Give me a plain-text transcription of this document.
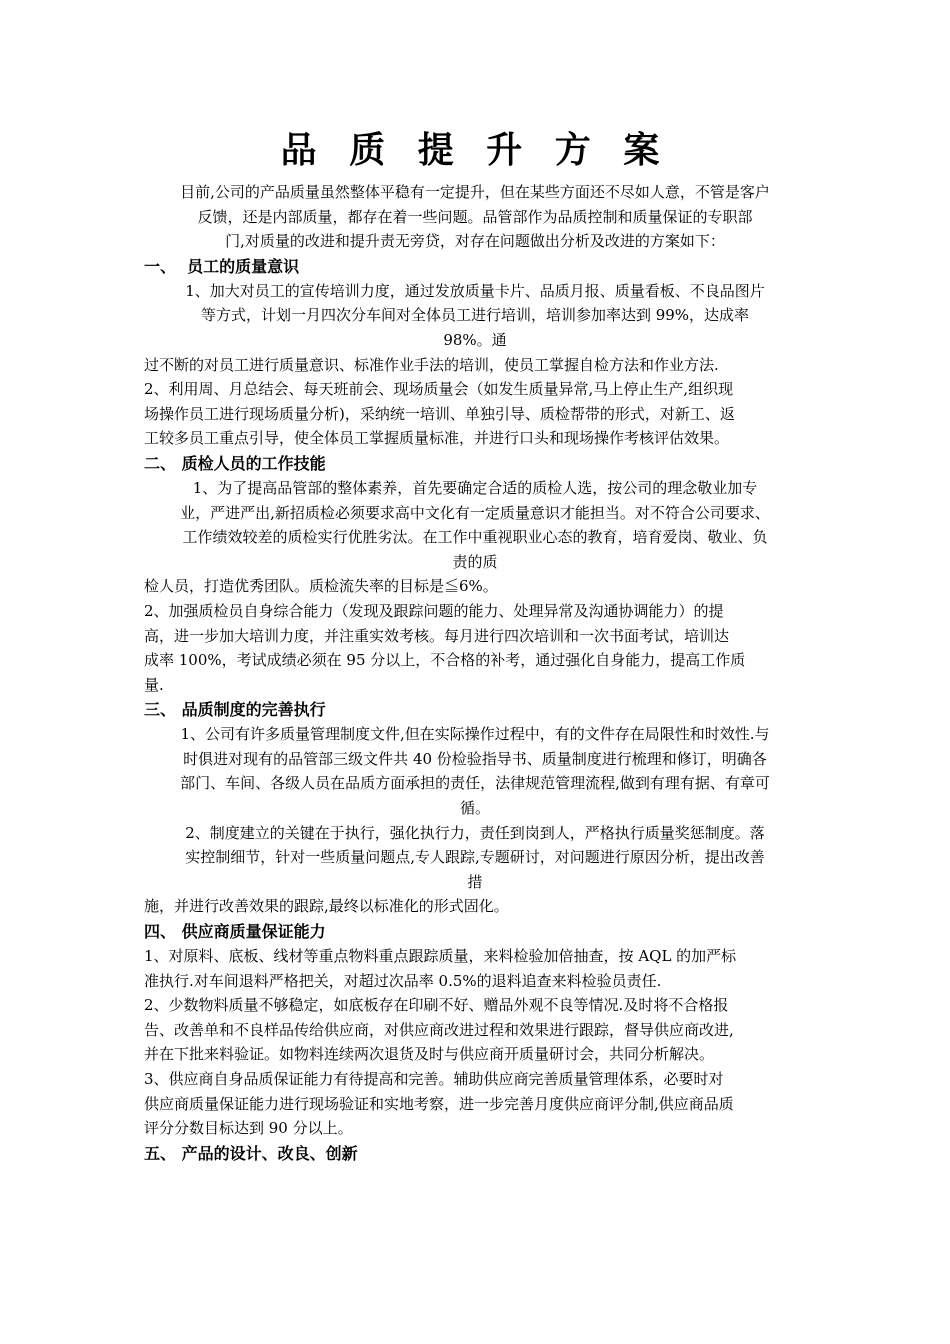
品 质 提 升 方 案

目前,公司的产品质量虽然整体平稳有一定提升，但在某些方面还不尽如人意，不管是客户

反馈，还是内部质量，都存在着一些问题。品管部作为品质控制和质量保证的专职部

门,对质量的改进和提升责无旁贷，对存在问题做出分析及改进的方案如下：

一、  员工的质量意识

1、加大对员工的宣传培训力度，通过发放质量卡片、品质月报、质量看板、不良品图片

等方式，计划一月四次分车间对全体员工进行培训，培训参加率达到 99%，达成率

98%。通

过不断的对员工进行质量意识、标准作业手法的培训，使员工掌握自检方法和作业方法.

2、利用周、月总结会、每天班前会、现场质量会（如发生质量异常,马上停止生产,组织现

场操作员工进行现场质量分析)，采纳统一培训、单独引导、质检帮带的形式，对新工、返

工较多员工重点引导，使全体员工掌握质量标准，并进行口头和现场操作考核评估效果。

二、 质检人员的工作技能

1、为了提高品管部的整体素养，首先要确定合适的质检人选，按公司的理念敬业加专

业，严进严出,新招质检必须要求高中文化有一定质量意识才能担当。对不符合公司要求、

工作绩效较差的质检实行优胜劣汰。在工作中重视职业心态的教育，培育爱岗、敬业、负

责的质

检人员，打造优秀团队。质检流失率的目标是≦6%。

2、加强质检员自身综合能力（发现及跟踪问题的能力、处理异常及沟通协调能力）的提

高，进一步加大培训力度，并注重实效考核。每月进行四次培训和一次书面考试，培训达

成率 100%，考试成绩必须在 95 分以上，不合格的补考，通过强化自身能力，提高工作质

量.

三、 品质制度的完善执行

1、公司有许多质量管理制度文件,但在实际操作过程中，有的文件存在局限性和时效性.与

时俱进对现有的品管部三级文件共 40 份检验指导书、质量制度进行梳理和修订，明确各

部门、车间、各级人员在品质方面承担的责任，法律规范管理流程,做到有理有据、有章可

循。

2、制度建立的关键在于执行，强化执行力，责任到岗到人，严格执行质量奖惩制度。落

实控制细节，针对一些质量问题点,专人跟踪,专题研讨，对问题进行原因分析，提出改善

措

施，并进行改善效果的跟踪,最终以标准化的形式固化。

四、 供应商质量保证能力

1、对原料、底板、线材等重点物料重点跟踪质量，来料检验加倍抽查，按 AQL 的加严标

准执行.对车间退料严格把关，对超过次品率 0.5%的退料追查来料检验员责任.

2、少数物料质量不够稳定，如底板存在印刷不好、赠品外观不良等情况.及时将不合格报

告、改善单和不良样品传给供应商，对供应商改进过程和效果进行跟踪，督导供应商改进,

并在下批来料验证。如物料连续两次退货及时与供应商开质量研讨会，共同分析解决。

3、供应商自身品质保证能力有待提高和完善。辅助供应商完善质量管理体系，必要时对

供应商质量保证能力进行现场验证和实地考察，进一步完善月度供应商评分制,供应商品质

评分分数目标达到 90 分以上。

五、 产品的设计、改良、创新
